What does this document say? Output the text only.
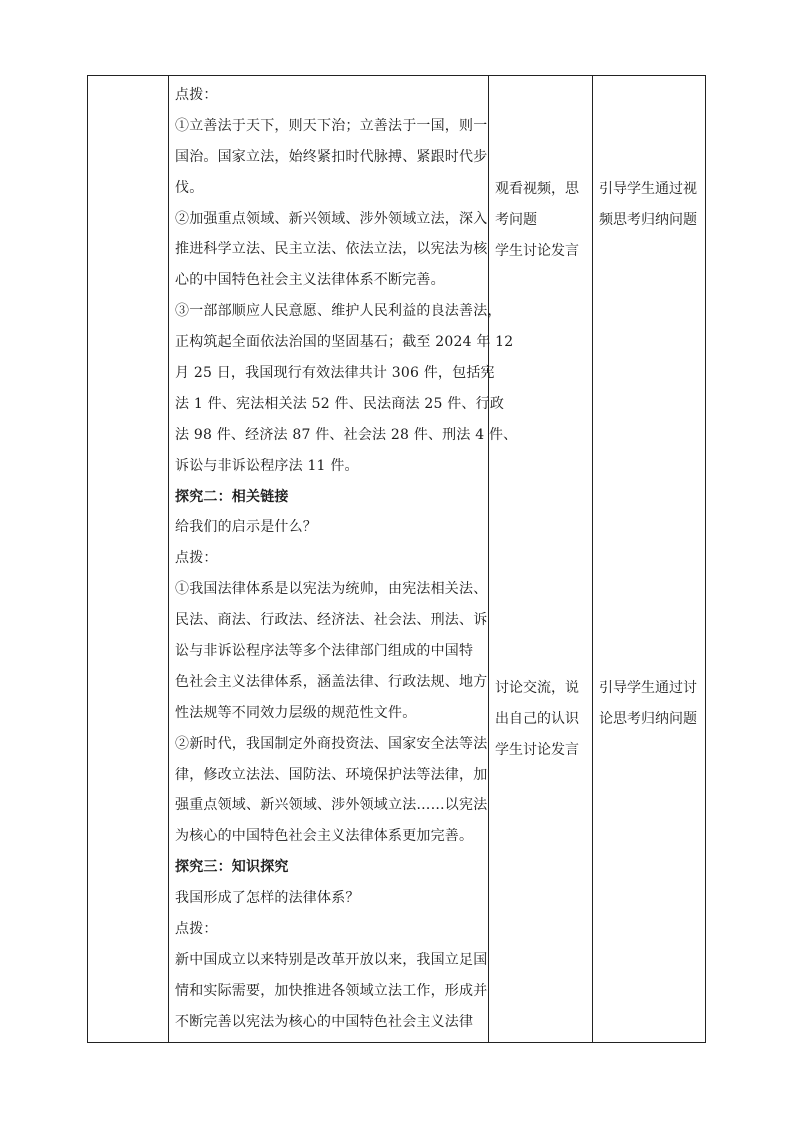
点拨：
①立善法于天下，则天下治；立善法于一国，则一
国治。国家立法，始终紧扣时代脉搏、紧跟时代步
伐。
②加强重点领域、新兴领域、涉外领域立法，深入
推进科学立法、民主立法、依法立法，以宪法为核
心的中国特色社会主义法律体系不断完善。
③一部部顺应人民意愿、维护人民利益的良法善法，
正构筑起全面依法治国的坚固基石；截至 2024 年 12
月 25 日，我国现行有效法律共计 306 件，包括宪
法 1 件、宪法相关法 52 件、民法商法 25 件、行政
法 98 件、经济法 87 件、社会法 28 件、刑法 4 件、
诉讼与非诉讼程序法 11 件。
探究二：相关链接
给我们的启示是什么？
点拨：
①我国法律体系是以宪法为统帅，由宪法相关法、
民法、商法、行政法、经济法、社会法、刑法、诉
讼与非诉讼程序法等多个法律部门组成的中国特
色社会主义法律体系，涵盖法律、行政法规、地方
性法规等不同效力层级的规范性文件。
②新时代，我国制定外商投资法、国家安全法等法
律，修改立法法、国防法、环境保护法等法律，加
强重点领域、新兴领域、涉外领域立法……以宪法
为核心的中国特色社会主义法律体系更加完善。
探究三：知识探究
我国形成了怎样的法律体系？
点拨：
新中国成立以来特别是改革开放以来，我国立足国
情和实际需要，加快推进各领域立法工作，形成并
不断完善以宪法为核心的中国特色社会主义法律
观看视频，思
考问题
学生讨论发言
讨论交流，说
出自己的认识
学生讨论发言
引导学生通过视
频思考归纳问题
引导学生通过讨
论思考归纳问题
